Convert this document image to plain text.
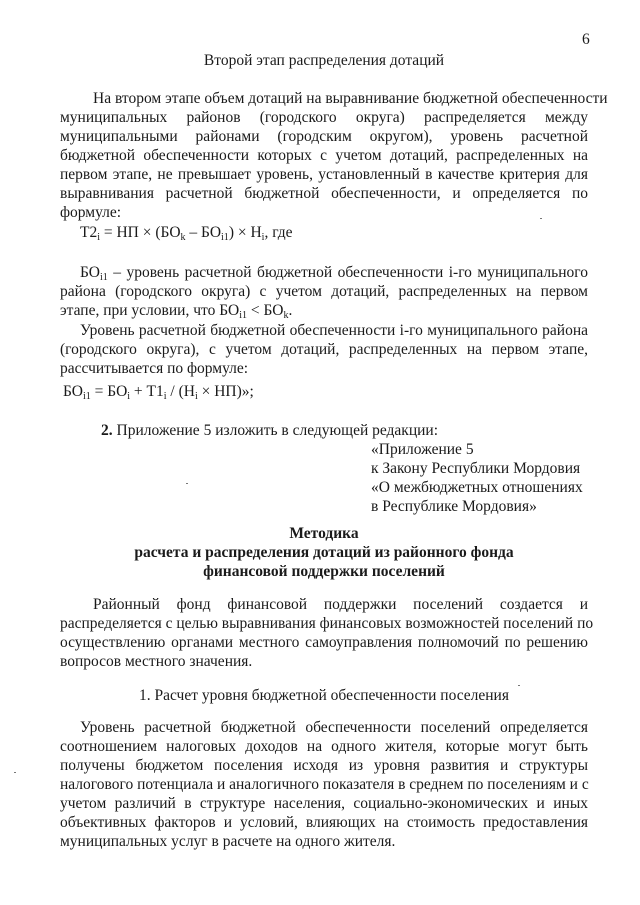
6
Второй этап распределения дотаций
На втором этапе объем дотаций на выравнивание бюджетной обеспеченности
муниципальных районов (городского округа) распределяется между
муниципальными районами (городским округом), уровень расчетной
бюджетной обеспеченности которых с учетом дотаций, распределенных на
первом этапе, не превышает уровень, установленный в качестве критерия для
выравнивания расчетной бюджетной обеспеченности, и определяется по
формуле:
$Т2_i$ = НП × $(БО_k - БО_{i1}) \times Н_i$, где
$БО_{i1}$ – уровень расчетной бюджетной обеспеченности i-го муниципального
района (городского округа) с учетом дотаций, распределенных на первом
этапе, при условии, что $БО_{i1} < БО_k$.
Уровень расчетной бюджетной обеспеченности i-го муниципального района
(городского округа), с учетом дотаций, распределенных на первом этапе,
рассчитывается по формуле:
$БО_{i1} = БО_i + Т1_i / (Н_i \times НП)$»;
2. Приложение 5 изложить в следующей редакции:
«Приложение 5
к Закону Республики Мордовия
«О межбюджетных отношениях
в Республике Мордовия»
Методика
расчета и распределения дотаций из районного фонда
финансовой поддержки поселений
Районный фонд финансовой поддержки поселений создается и
распределяется с целью выравнивания финансовых возможностей поселений по
осуществлению органами местного самоуправления полномочий по решению
вопросов местного значения.
1. Расчет уровня бюджетной обеспеченности поселения
Уровень расчетной бюджетной обеспеченности поселений определяется
соотношением налоговых доходов на одного жителя, которые могут быть
получены бюджетом поселения исходя из уровня развития и структуры
налогового потенциала и аналогичного показателя в среднем по поселениям и с
учетом различий в структуре населения, социально-экономических и иных
объективных факторов и условий, влияющих на стоимость предоставления
муниципальных услуг в расчете на одного жителя.
